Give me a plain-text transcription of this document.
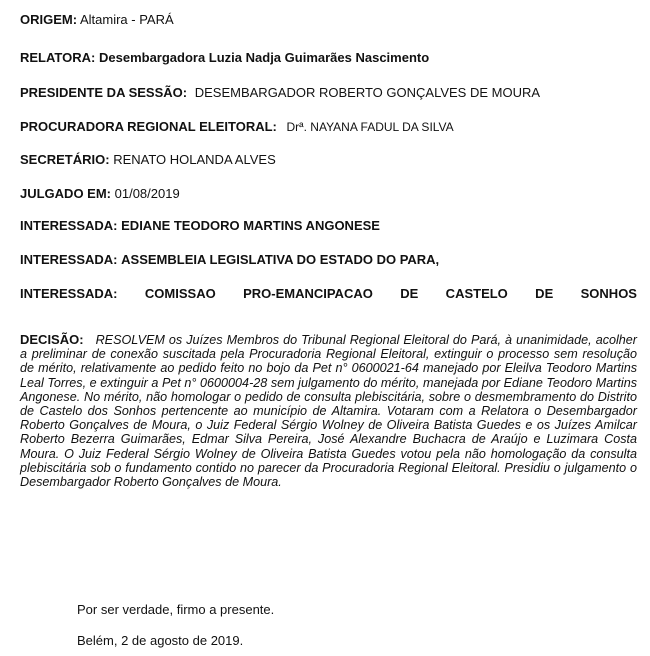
ORIGEM: Altamira - PARÁ
RELATORA: Desembargadora Luzia Nadja Guimarães Nascimento
PRESIDENTE DA SESSÃO: DESEMBARGADOR ROBERTO GONÇALVES DE MOURA
PROCURADORA REGIONAL ELEITORAL: Drª. NAYANA FADUL DA SILVA
SECRETÁRIO: RENATO HOLANDA ALVES
JULGADO EM: 01/08/2019
INTERESSADA: EDIANE TEODORO MARTINS ANGONESE
INTERESSADA: ASSEMBLEIA LEGISLATIVA DO ESTADO DO PARA,
INTERESSADA: COMISSAO PRO-EMANCIPACAO DE CASTELO DE SONHOS
DECISÃO: RESOLVEM os Juízes Membros do Tribunal Regional Eleitoral do Pará, à unanimidade, acolher a preliminar de conexão suscitada pela Procuradoria Regional Eleitoral, extinguir o processo sem resolução de mérito, relativamente ao pedido feito no bojo da Pet n° 0600021-64 manejado por Eleilva Teodoro Martins Leal Torres, e extinguir a Pet n° 0600004-28 sem julgamento do mérito, manejada por Ediane Teodoro Martins Angonese. No mérito, não homologar o pedido de consulta plebiscitária, sobre o desmembramento do Distrito de Castelo dos Sonhos pertencente ao município de Altamira. Votaram com a Relatora o Desembargador Roberto Gonçalves de Moura, o Juiz Federal Sérgio Wolney de Oliveira Batista Guedes e os Juízes Amilcar Roberto Bezerra Guimarães, Edmar Silva Pereira, José Alexandre Buchacra de Araújo e Luzimara Costa Moura. O Juiz Federal Sérgio Wolney de Oliveira Batista Guedes votou pela não homologação da consulta plebiscitária sob o fundamento contido no parecer da Procuradoria Regional Eleitoral. Presidiu o julgamento o Desembargador Roberto Gonçalves de Moura.
Por ser verdade, firmo a presente.
Belém, 2 de agosto de 2019.
